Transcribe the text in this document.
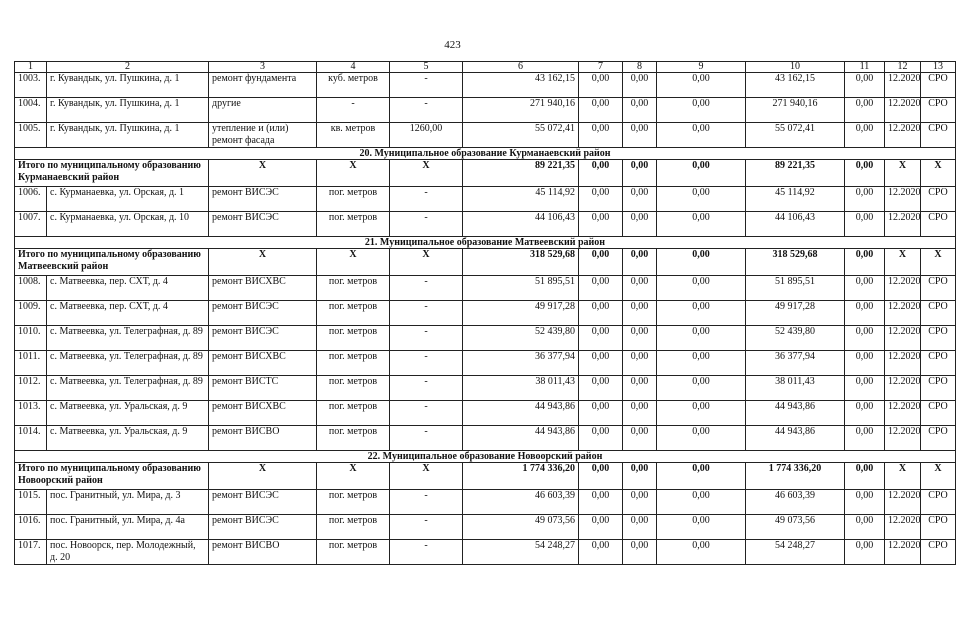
423
1	2	3	4	5	6	7	8	9	10	11	12	13
1003.	г. Кувандык, ул. Пушкина, д. 1	ремонт фундамента	куб. метров	-	43 162,15	0,00	0,00	0,00	43 162,15	0,00	12.2020	СРО
1004.	г. Кувандык, ул. Пушкина, д. 1	другие	-	-	271 940,16	0,00	0,00	0,00	271 940,16	0,00	12.2020	СРО
1005.	г. Кувандык, ул. Пушкина, д. 1	утепление и (или) ремонт фасада	кв. метров	1260,00	55 072,41	0,00	0,00	0,00	55 072,41	0,00	12.2020	СРО
20. Муниципальное образование Курманаевский район												
Итого по муниципальному образованию Курманаевский район		X	X	X	89 221,35	0,00	0,00	0,00	89 221,35	0,00	X	X
1006.	с. Курманаевка, ул. Орская, д. 1	ремонт ВИСЭС	пог. метров	-	45 114,92	0,00	0,00	0,00	45 114,92	0,00	12.2020	СРО
1007.	с. Курманаевка, ул. Орская, д. 10	ремонт ВИСЭС	пог. метров	-	44 106,43	0,00	0,00	0,00	44 106,43	0,00	12.2020	СРО
21. Муниципальное образование Матвеевский район												
Итого по муниципальному образованию Матвеевский район		X	X	X	318 529,68	0,00	0,00	0,00	318 529,68	0,00	X	X
1008.	с. Матвеевка, пер. СХТ, д. 4	ремонт ВИСХВС	пог. метров	-	51 895,51	0,00	0,00	0,00	51 895,51	0,00	12.2020	СРО
1009.	с. Матвеевка, пер. СХТ, д. 4	ремонт ВИСЭС	пог. метров	-	49 917,28	0,00	0,00	0,00	49 917,28	0,00	12.2020	СРО
1010.	с. Матвеевка, ул. Телеграфная, д. 89	ремонт ВИСЭС	пог. метров	-	52 439,80	0,00	0,00	0,00	52 439,80	0,00	12.2020	СРО
1011.	с. Матвеевка, ул. Телеграфная, д. 89	ремонт ВИСХВС	пог. метров	-	36 377,94	0,00	0,00	0,00	36 377,94	0,00	12.2020	СРО
1012.	с. Матвеевка, ул. Телеграфная, д. 89	ремонт ВИСТС	пог. метров	-	38 011,43	0,00	0,00	0,00	38 011,43	0,00	12.2020	СРО
1013.	с. Матвеевка, ул. Уральская, д. 9	ремонт ВИСХВС	пог. метров	-	44 943,86	0,00	0,00	0,00	44 943,86	0,00	12.2020	СРО
1014.	с. Матвеевка, ул. Уральская, д. 9	ремонт ВИСВО	пог. метров	-	44 943,86	0,00	0,00	0,00	44 943,86	0,00	12.2020	СРО
22. Муниципальное образование Новоорский район												
Итого по муниципальному образованию Новоорский район		X	X	X	1 774 336,20	0,00	0,00	0,00	1 774 336,20	0,00	X	X
1015.	пос. Гранитный, ул. Мира, д. 3	ремонт ВИСЭС	пог. метров	-	46 603,39	0,00	0,00	0,00	46 603,39	0,00	12.2020	СРО
1016.	пос. Гранитный, ул. Мира, д. 4а	ремонт ВИСЭС	пог. метров	-	49 073,56	0,00	0,00	0,00	49 073,56	0,00	12.2020	СРО
1017.	пос. Новоорск, пер. Молодежный, д. 20	ремонт ВИСВО	пог. метров	-	54 248,27	0,00	0,00	0,00	54 248,27	0,00	12.2020	СРО
